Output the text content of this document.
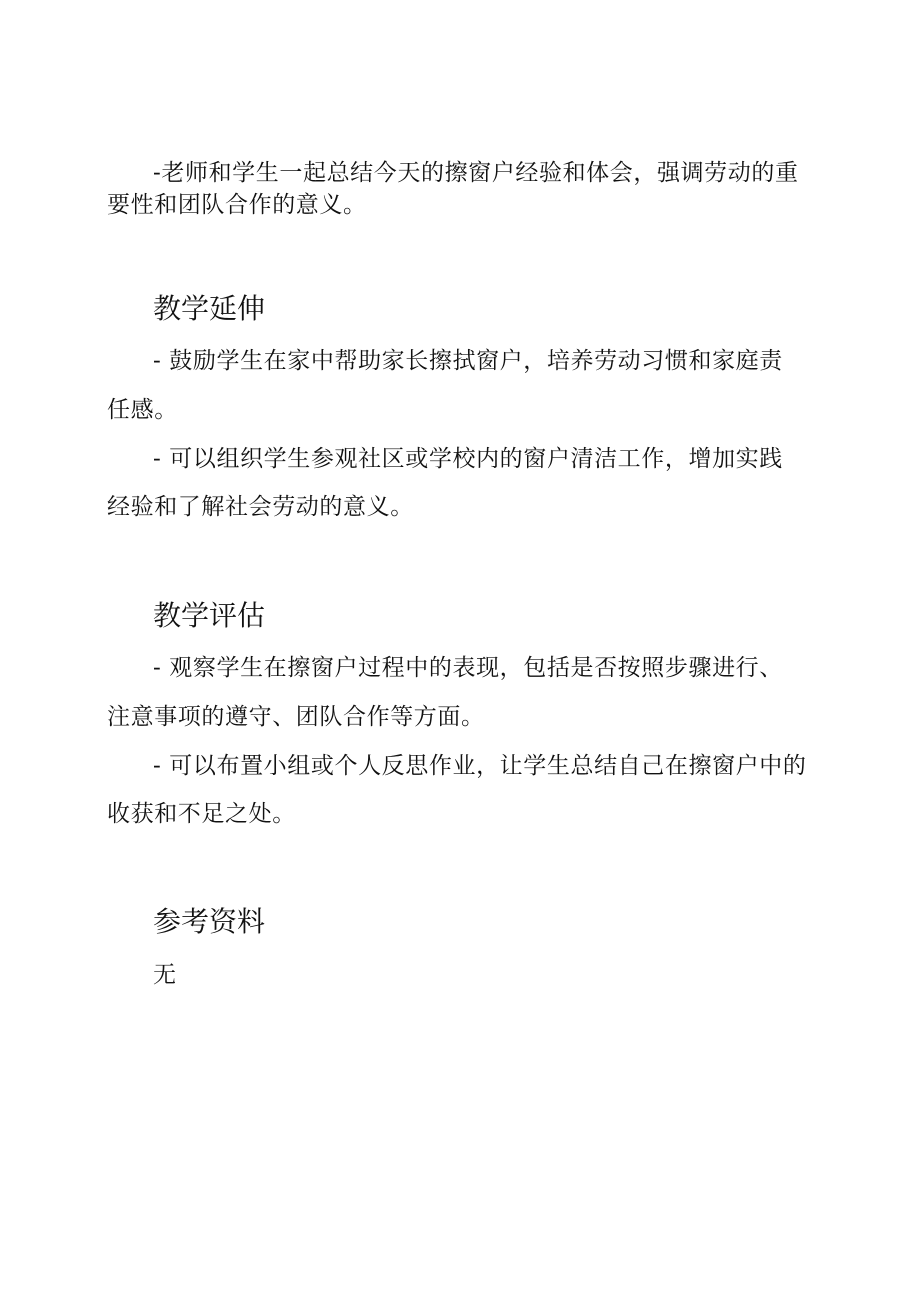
-老师和学生一起总结今天的擦窗户经验和体会，强调劳动的重
要性和团队合作的意义。
教学延伸
- 鼓励学生在家中帮助家长擦拭窗户，培养劳动习惯和家庭责
任感。
- 可以组织学生参观社区或学校内的窗户清洁工作，增加实践
经验和了解社会劳动的意义。
教学评估
- 观察学生在擦窗户过程中的表现，包括是否按照步骤进行、
注意事项的遵守、团队合作等方面。
- 可以布置小组或个人反思作业，让学生总结自己在擦窗户中的
收获和不足之处。
参考资料
无
